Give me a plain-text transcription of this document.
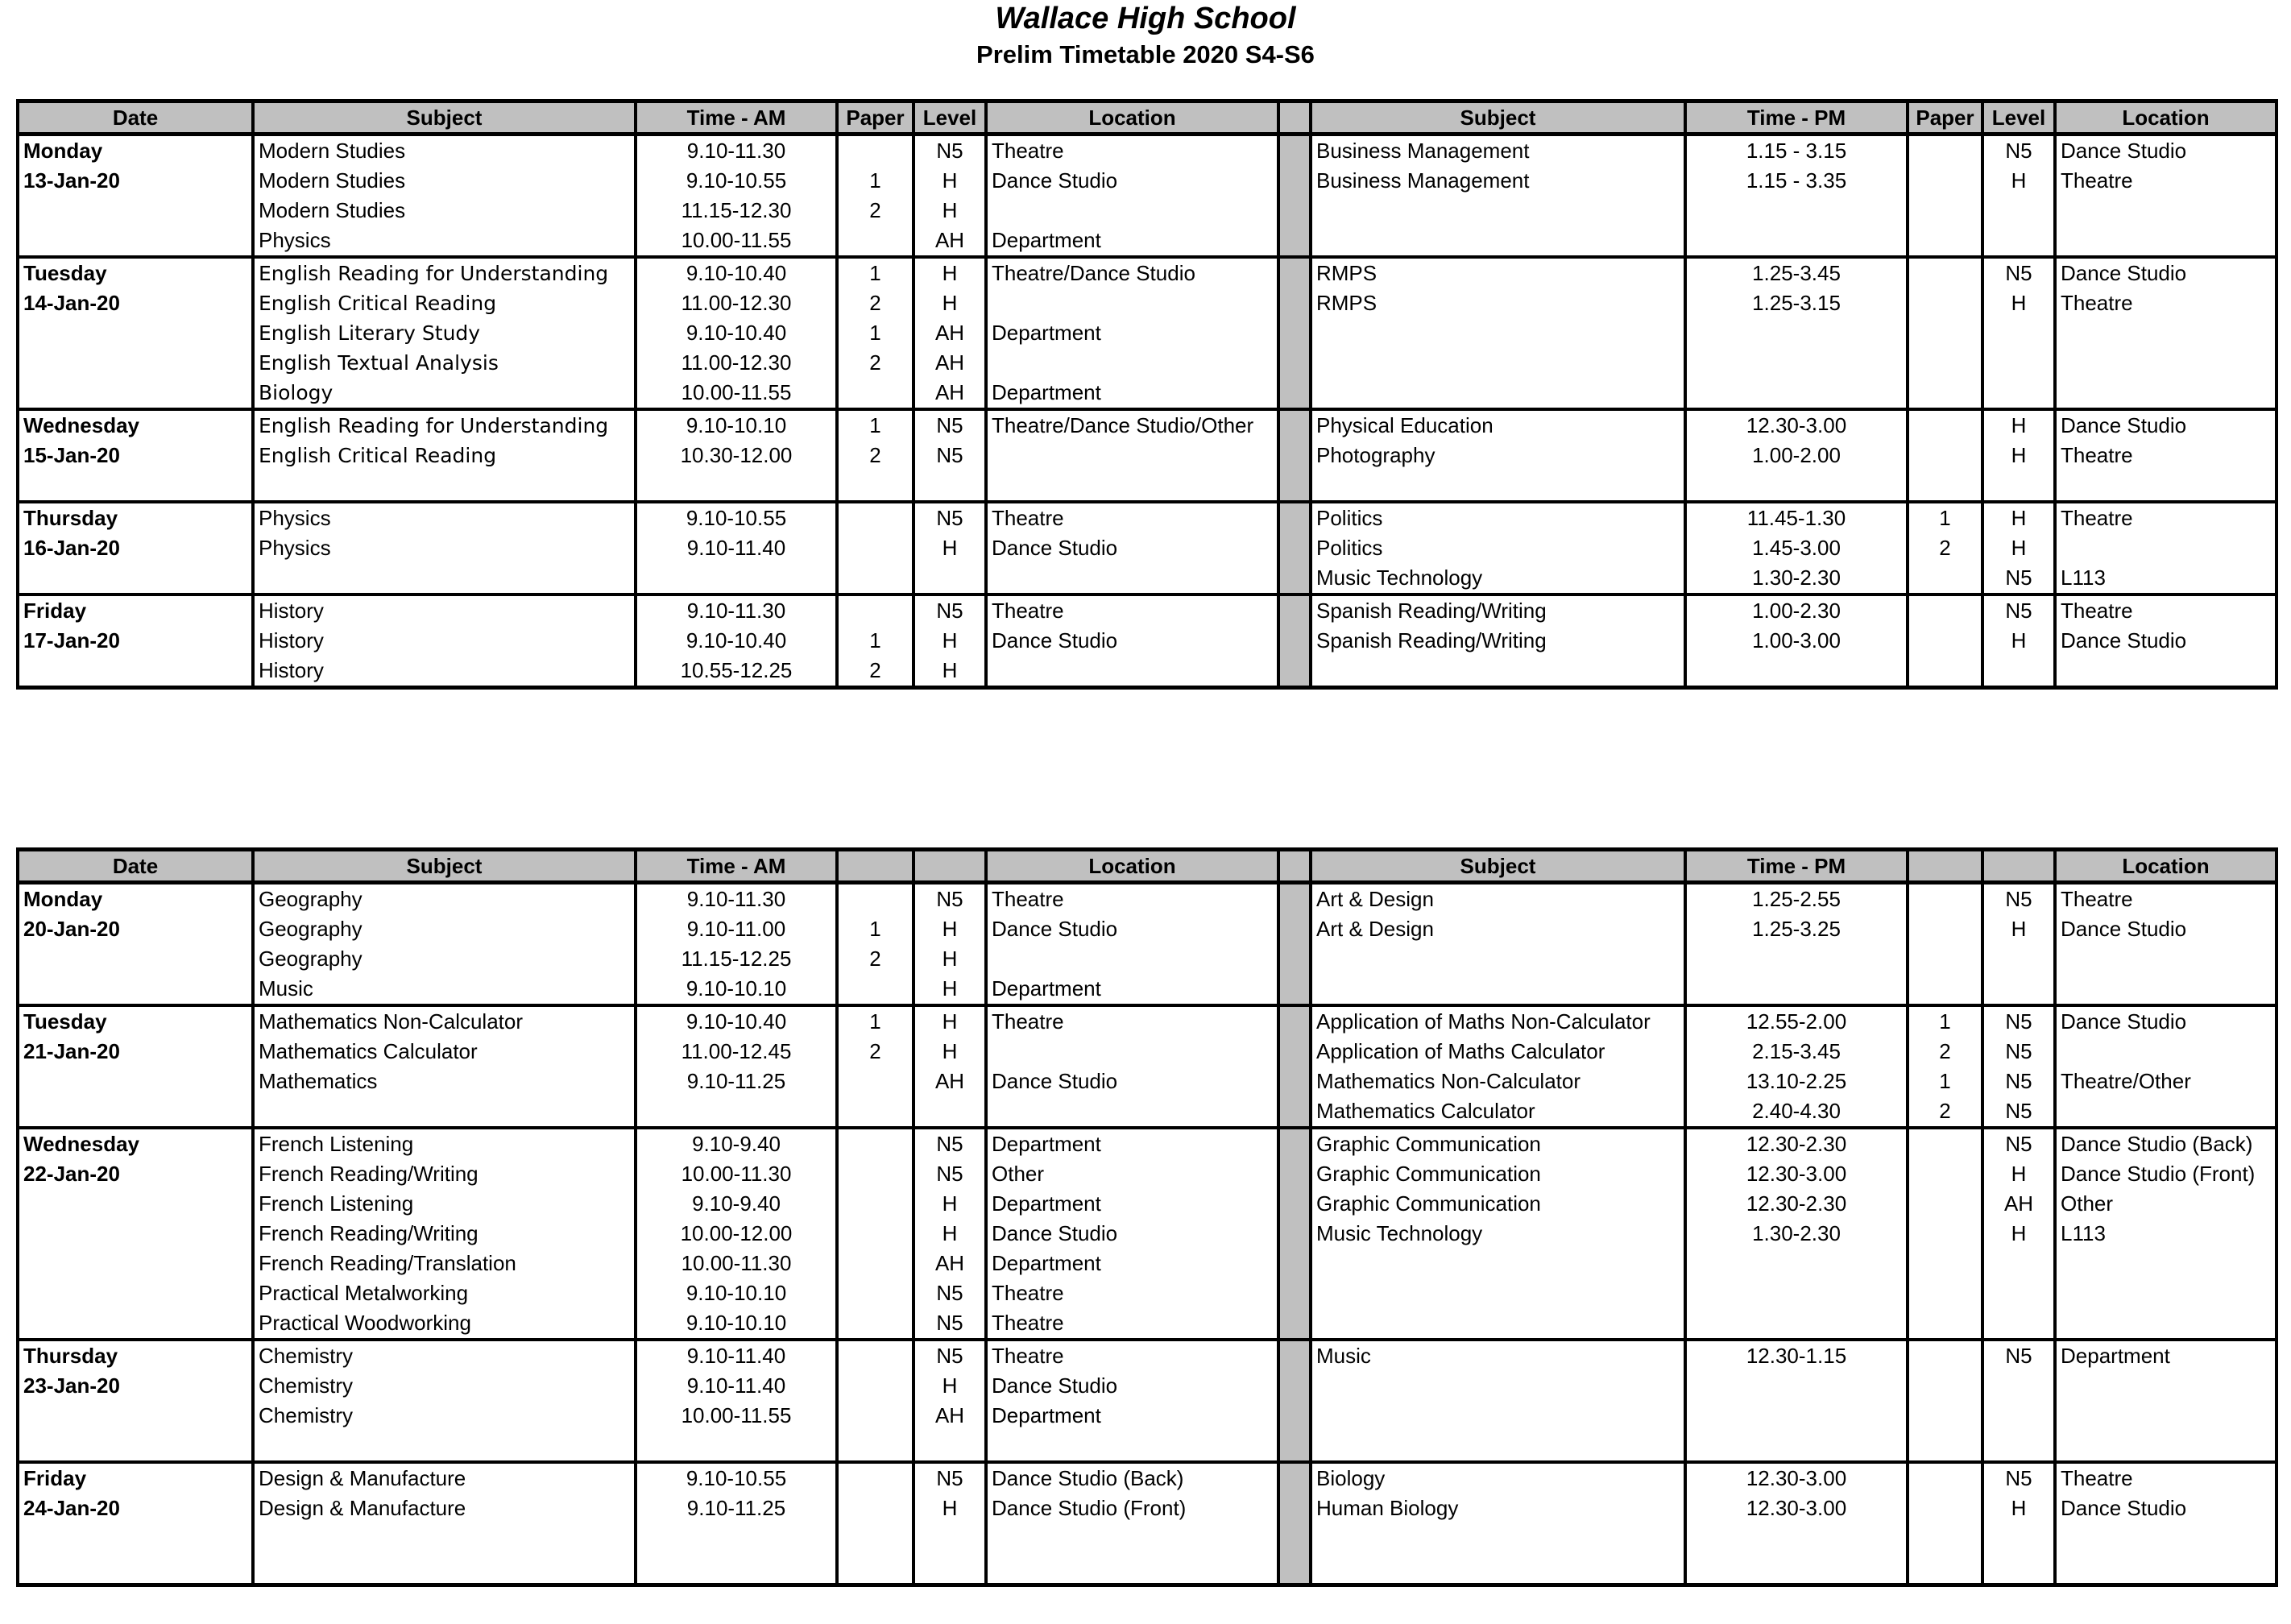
Wallace High School
Prelim Timetable 2020 S4-S6
Date	Subject	Time - AM	Paper	Level	Location		Subject	Time - PM	Paper	Level	Location
Monday	Modern Studies	9.10-11.30		N5	Theatre		Business Management	1.15 - 3.15		N5	Dance Studio
13-Jan-20	Modern Studies	9.10-10.55	1	H	Dance Studio		Business Management	1.15 - 3.35		H	Theatre
	Modern Studies	11.15-12.30	2	H							
	Physics	10.00-11.55		AH	Department						
Tuesday	English Reading for Understanding	9.10-10.40	1	H	Theatre/Dance Studio		RMPS	1.25-3.45		N5	Dance Studio
14-Jan-20	English Critical Reading	11.00-12.30	2	H			RMPS	1.25-3.15		H	Theatre
	English Literary Study	9.10-10.40	1	AH	Department						
	English Textual Analysis	11.00-12.30	2	AH							
	Biology	10.00-11.55		AH	Department						
Wednesday	English Reading for Understanding	9.10-10.10	1	N5	Theatre/Dance Studio/Other		Physical Education	12.30-3.00		H	Dance Studio
15-Jan-20	English Critical Reading	10.30-12.00	2	N5			Photography	1.00-2.00		H	Theatre

Thursday	Physics	9.10-10.55		N5	Theatre		Politics	11.45-1.30	1	H	Theatre
16-Jan-20	Physics	9.10-11.40		H	Dance Studio		Politics	1.45-3.00	2	H	
							Music Technology	1.30-2.30		N5	L113
Friday	History	9.10-11.30		N5	Theatre		Spanish Reading/Writing	1.00-2.30		N5	Theatre
17-Jan-20	History	9.10-10.40	1	H	Dance Studio		Spanish Reading/Writing	1.00-3.00		H	Dance Studio
	History	10.55-12.25	2	H							
Date	Subject	Time - AM			Location		Subject	Time - PM			Location
Monday	Geography	9.10-11.30		N5	Theatre		Art & Design	1.25-2.55		N5	Theatre
20-Jan-20	Geography	9.10-11.00	1	H	Dance Studio		Art & Design	1.25-3.25		H	Dance Studio
	Geography	11.15-12.25	2	H							
	Music	9.10-10.10		H	Department						
Tuesday	Mathematics Non-Calculator	9.10-10.40	1	H	Theatre		Application of Maths Non-Calculator	12.55-2.00	1	N5	Dance Studio
21-Jan-20	Mathematics Calculator	11.00-12.45	2	H			Application of Maths Calculator	2.15-3.45	2	N5	
	Mathematics	9.10-11.25		AH	Dance Studio		Mathematics Non-Calculator	13.10-2.25	1	N5	Theatre/Other
							Mathematics Calculator	2.40-4.30	2	N5	
Wednesday	French Listening	9.10-9.40		N5	Department		Graphic Communication	12.30-2.30		N5	Dance Studio (Back)
22-Jan-20	French Reading/Writing	10.00-11.30		N5	Other		Graphic Communication	12.30-3.00		H	Dance Studio (Front)
	French Listening	9.10-9.40		H	Department		Graphic Communication	12.30-2.30		AH	Other
	French Reading/Writing	10.00-12.00		H	Dance Studio		Music Technology	1.30-2.30		H	L113
	French Reading/Translation	10.00-11.30		AH	Department						
	Practical Metalworking	9.10-10.10		N5	Theatre						
	Practical Woodworking	9.10-10.10		N5	Theatre						
Thursday	Chemistry	9.10-11.40		N5	Theatre		Music	12.30-1.15		N5	Department
23-Jan-20	Chemistry	9.10-11.40		H	Dance Studio						
	Chemistry	10.00-11.55		AH	Department						

Friday	Design & Manufacture	9.10-10.55		N5	Dance Studio (Back)		Biology	12.30-3.00		N5	Theatre
24-Jan-20	Design & Manufacture	9.10-11.25		H	Dance Studio (Front)		Human Biology	12.30-3.00		H	Dance Studio
